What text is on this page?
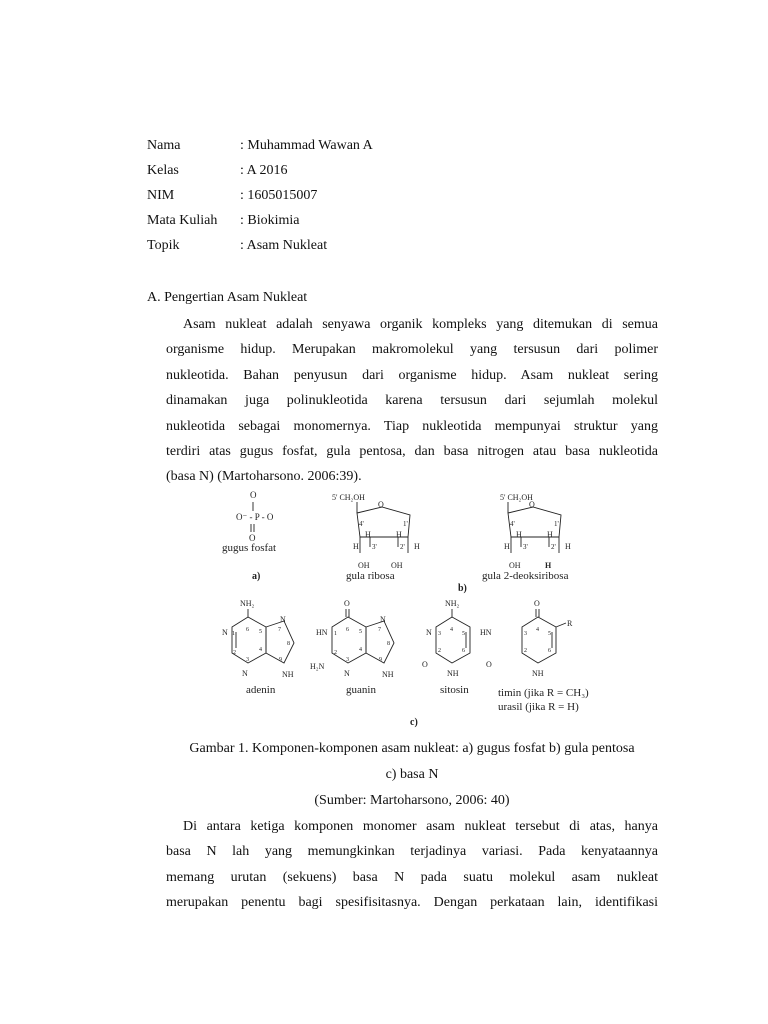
Nama	: Muhammad Wawan A
Kelas	: A 2016
NIM	: 1605015007
Mata Kuliah	: Biokimia
Topik	: Asam Nukleat
A. Pengertian Asam Nukleat
Asam nukleat adalah senyawa organik kompleks yang ditemukan di semua
organisme hidup. Merupakan makromolekul yang tersusun dari polimer
nukleotida. Bahan penyusun dari organisme hidup. Asam nukleat sering
dinamakan juga polinukleotida karena tersusun dari sejumlah molekul
nukleotida sebagai monomernya. Tiap nukleotida mempunyai struktur yang
terdiri atas gugus fosfat, gula pentosa, dan basa nitrogen atau basa nukleotida
(basa N) (Martoharsono. 2006:39).
O
O⁻ - P - O
O
gugus fosfat
a)
5' CH₂OH
O
4'	1'
H	H
H	H
3'	2'
OH	OH
gula ribosa
5' CH₂OH
O
4'	1'
H	H
H	H
3'	2'
OH	H
gula 2-deoksiribosa
b)
NH₂
N
N
N	NH
6
1
2
3
4
5	7
8
9
adenin
O
HN
H₂N
N
N	NH
6
1
2
3
4
5	7
8
9
guanin
NH₂
N
O
NH
4
3
2
5
6
sitosin
O
HN
R
O
NH
4
3
2
5
6
timin (jika R = CH₃)
urasil (jika R = H)
c)
Gambar 1. Komponen-komponen asam nukleat: a) gugus fosfat b) gula pentosa
c) basa N
(Sumber: Martoharsono, 2006: 40)
Di antara ketiga komponen monomer asam nukleat tersebut di atas, hanya
basa N lah yang memungkinkan terjadinya variasi. Pada kenyataannya
memang urutan (sekuens) basa N pada suatu molekul asam nukleat
merupakan penentu bagi spesifisitasnya. Dengan perkataan lain, identifikasi
